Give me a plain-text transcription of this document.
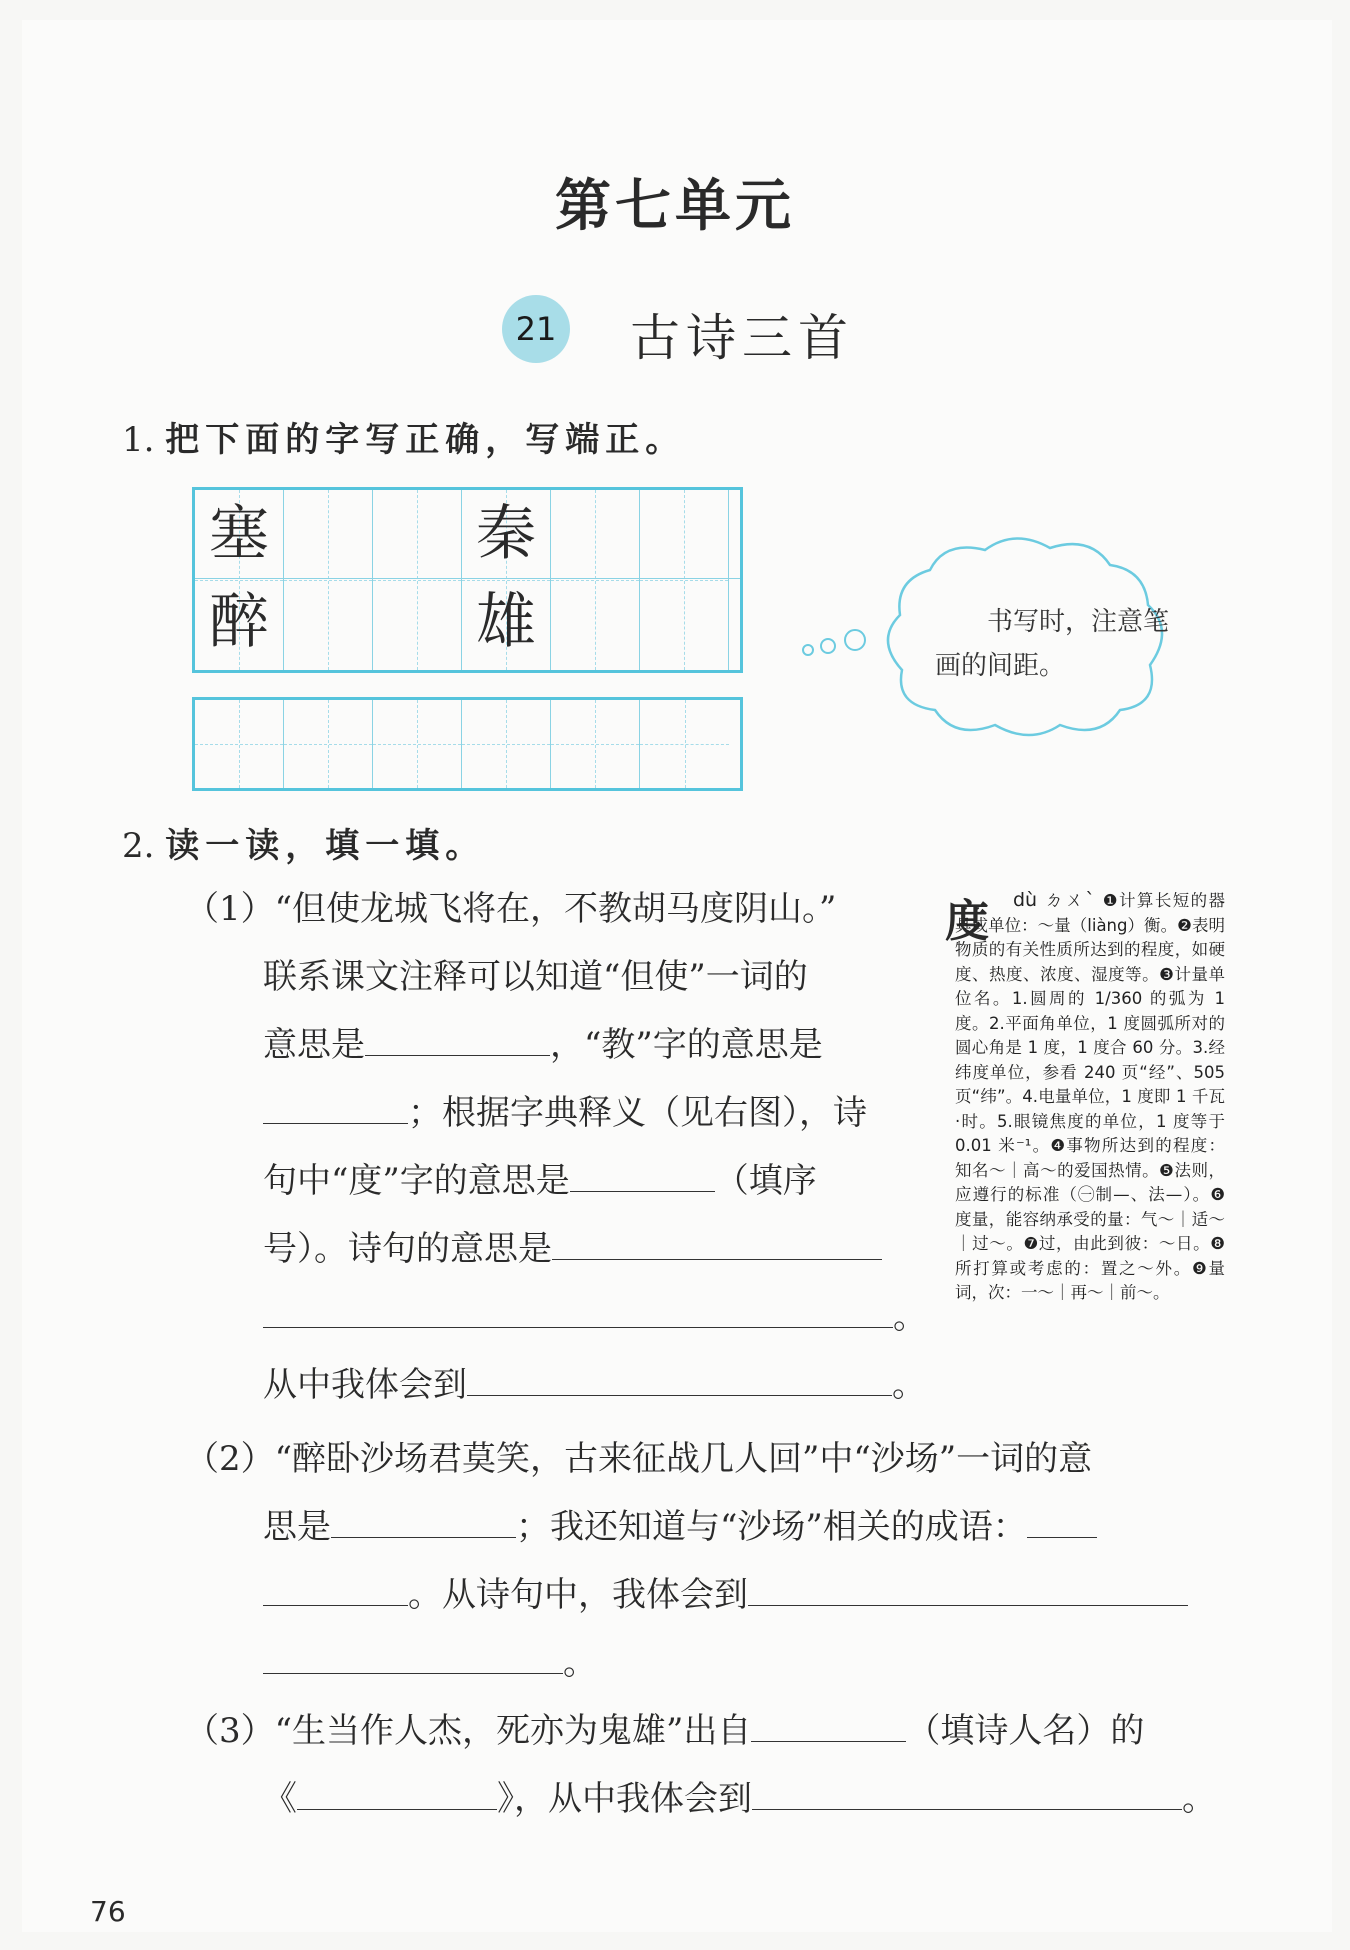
第七单元
21 古诗三首
1. 把下面的字写正确，写端正。
塞
醉
秦
雄	书写时，注意笔画的间距。
2. 读一读，填一填。
（1）“但使龙城飞将在，不教胡马度阴山。”
联系课文注释可以知道“但使”一词的
意思是	，“教”字的意思是
；根据字典释义（见右图），诗
句中“度”字的意思是	（填序
号）。诗句的意思是
。
从中我体会到	。
度	dù ㄉㄨˋ ❶计算长短的器具或单位：～量（liàng）衡。❷表明物质的有关性质所达到的程度，如硬度、热度、浓度、湿度等。❸计量单位名。1.圆周的 1/360 的弧为 1 度。2.平面角单位，1 度圆弧所对的圆心角是 1 度，1 度合 60 分。3.经纬度单位，参看 240 页“经”、505 页“纬”。4.电量单位，1 度即 1 千瓦·时。5.眼镜焦度的单位，1 度等于 0.01 米⁻¹。❹事物所达到的程度：知名～｜高～的爱国热情。❺法则，应遵行的标准（㊀制—、法—）。❻度量，能容纳承受的量：气～｜适～｜过～。❼过，由此到彼：～日。❽所打算或考虑的：置之～外。❾量词，次：一～｜再～｜前～。
（2）“醉卧沙场君莫笑，古来征战几人回”中“沙场”一词的意
思是	；我还知道与“沙场”相关的成语：
。从诗句中，我体会到
。
（3）“生当作人杰，死亦为鬼雄”出自	（填诗人名）的
《	》，从中我体会到	。
76
